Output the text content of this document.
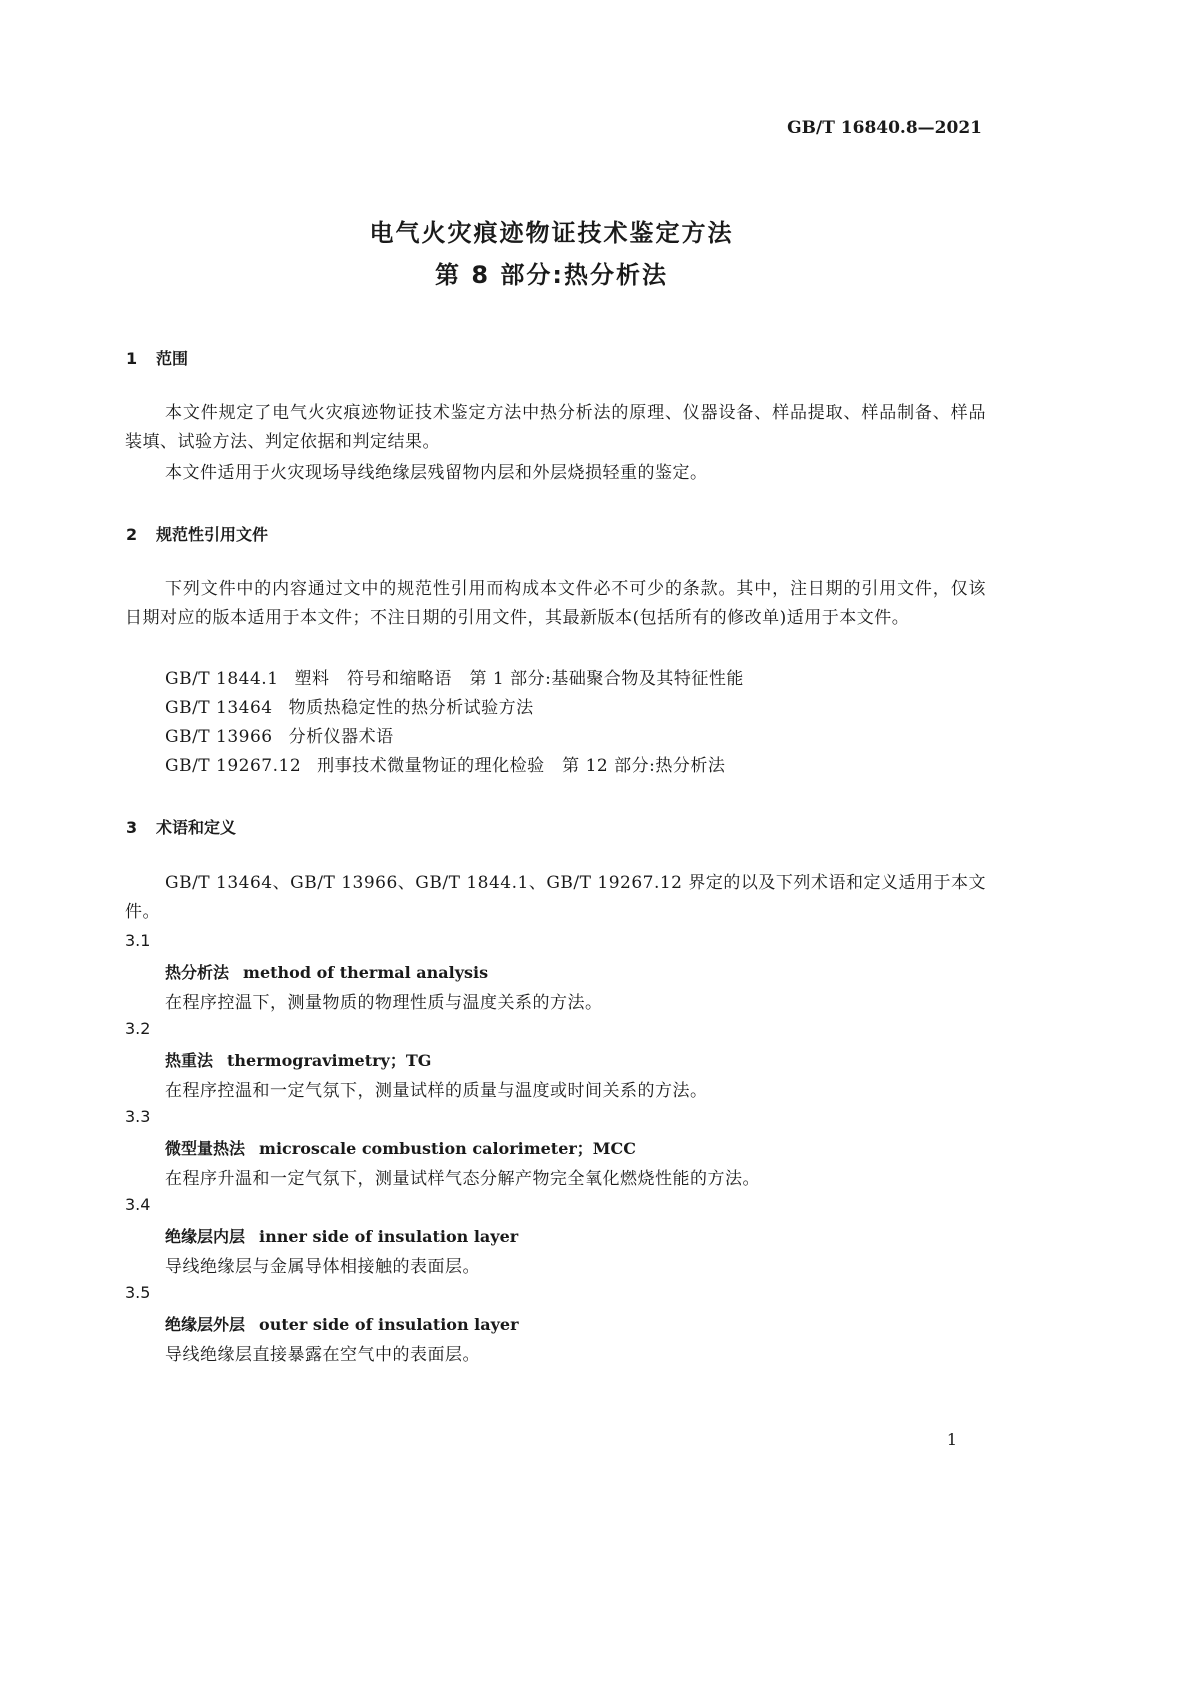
GB/T 16840.8—2021
电气火灾痕迹物证技术鉴定方法
第 8 部分:热分析法
1 范围
本文件规定了电气火灾痕迹物证技术鉴定方法中热分析法的原理、仪器设备、样品提取、样品制备、样品装填、试验方法、判定依据和判定结果。
本文件适用于火灾现场导线绝缘层残留物内层和外层烧损轻重的鉴定。
2 规范性引用文件
下列文件中的内容通过文中的规范性引用而构成本文件必不可少的条款。其中，注日期的引用文件，仅该日期对应的版本适用于本文件；不注日期的引用文件，其最新版本(包括所有的修改单)适用于本文件。
GB/T 1844.1 塑料　符号和缩略语　第 1 部分:基础聚合物及其特征性能
GB/T 13464 物质热稳定性的热分析试验方法
GB/T 13966 分析仪器术语
GB/T 19267.12 刑事技术微量物证的理化检验　第 12 部分:热分析法
3 术语和定义
GB/T 13464、GB/T 13966、GB/T 1844.1、GB/T 19267.12 界定的以及下列术语和定义适用于本文件。
3.1
热分析法 method of thermal analysis
在程序控温下，测量物质的物理性质与温度关系的方法。
3.2
热重法 thermogravimetry；TG
在程序控温和一定气氛下，测量试样的质量与温度或时间关系的方法。
3.3
微型量热法 microscale combustion calorimeter；MCC
在程序升温和一定气氛下，测量试样气态分解产物完全氧化燃烧性能的方法。
3.4
绝缘层内层 inner side of insulation layer
导线绝缘层与金属导体相接触的表面层。
3.5
绝缘层外层 outer side of insulation layer
导线绝缘层直接暴露在空气中的表面层。
1
